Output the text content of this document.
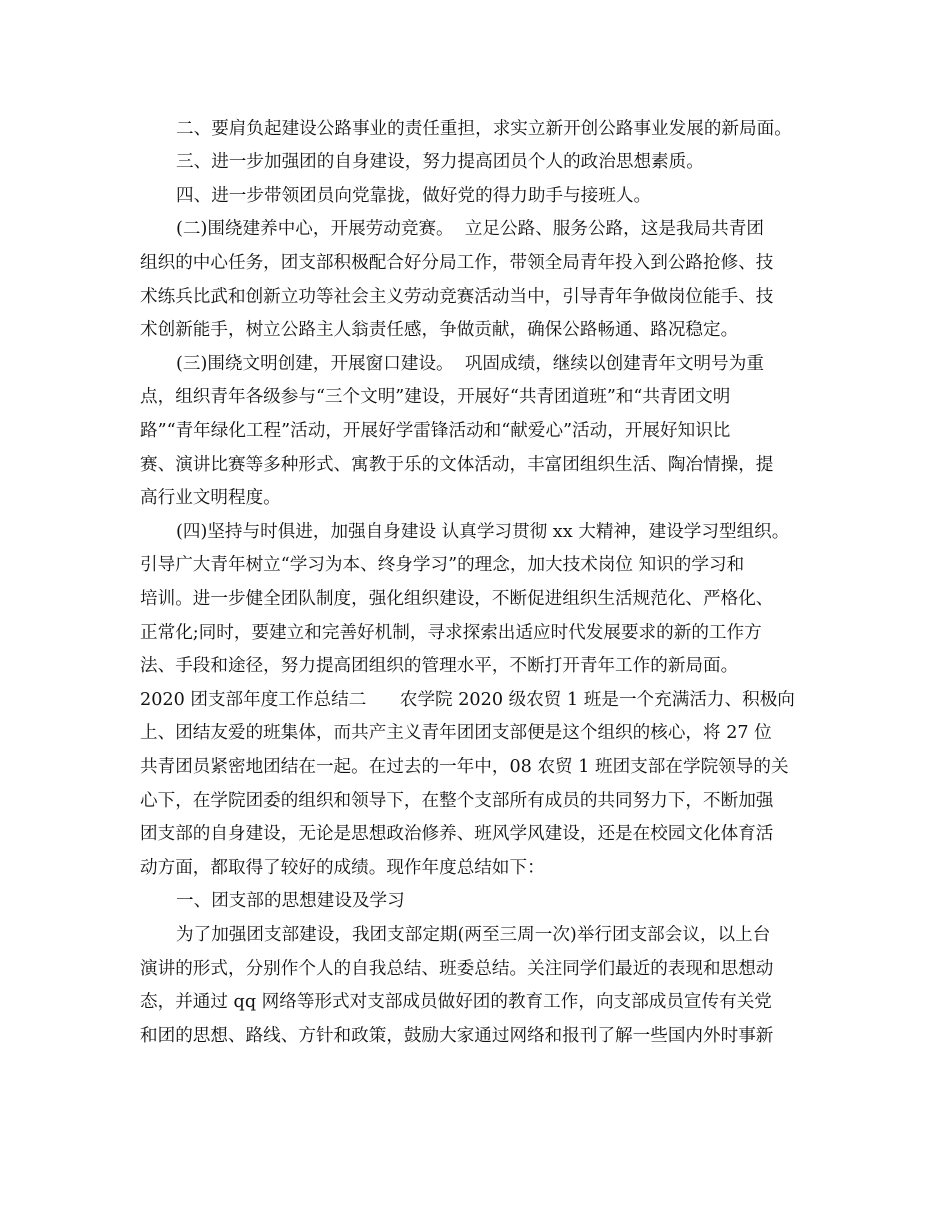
二、要肩负起建设公路事业的责任重担，求实立新开创公路事业发展的新局面。
三、进一步加强团的自身建设，努力提高团员个人的政治思想素质。
四、进一步带领团员向党靠拢，做好党的得力助手与接班人。
(二)围绕建养中心，开展劳动竞赛。  立足公路、服务公路，这是我局共青团
组织的中心任务，团支部积极配合好分局工作，带领全局青年投入到公路抢修、技
术练兵比武和创新立功等社会主义劳动竞赛活动当中，引导青年争做岗位能手、技
术创新能手，树立公路主人翁责任感，争做贡献，确保公路畅通、路况稳定。
(三)围绕文明创建，开展窗口建设。  巩固成绩，继续以创建青年文明号为重
点，组织青年各级参与“三个文明”建设，开展好“共青团道班”和“共青团文明
路”“青年绿化工程”活动，开展好学雷锋活动和“献爱心”活动，开展好知识比
赛、演讲比赛等多种形式、寓教于乐的文体活动，丰富团组织生活、陶冶情操，提
高行业文明程度。
(四)坚持与时俱进，加强自身建设 认真学习贯彻 xx 大精神，建设学习型组织。
引导广大青年树立“学习为本、终身学习”的理念，加大技术岗位 知识的学习和
培训。进一步健全团队制度，强化组织建设，不断促进组织生活规范化、严格化、
正常化;同时，要建立和完善好机制，寻求探索出适应时代发展要求的新的工作方
法、手段和途径，努力提高团组织的管理水平，不断打开青年工作的新局面。
2020 团支部年度工作总结二      农学院 2020 级农贸 1 班是一个充满活力、积极向
上、团结友爱的班集体，而共产主义青年团团支部便是这个组织的核心，将 27 位
共青团员紧密地团结在一起。在过去的一年中，08 农贸 1 班团支部在学院领导的关
心下，在学院团委的组织和领导下，在整个支部所有成员的共同努力下，不断加强
团支部的自身建设，无论是思想政治修养、班风学风建设，还是在校园文化体育活
动方面，都取得了较好的成绩。现作年度总结如下：
一、团支部的思想建设及学习
为了加强团支部建设，我团支部定期(两至三周一次)举行团支部会议，以上台
演讲的形式，分别作个人的自我总结、班委总结。关注同学们最近的表现和思想动
态，并通过 qq 网络等形式对支部成员做好团的教育工作，向支部成员宣传有关党
和团的思想、路线、方针和政策，鼓励大家通过网络和报刊了解一些国内外时事新
